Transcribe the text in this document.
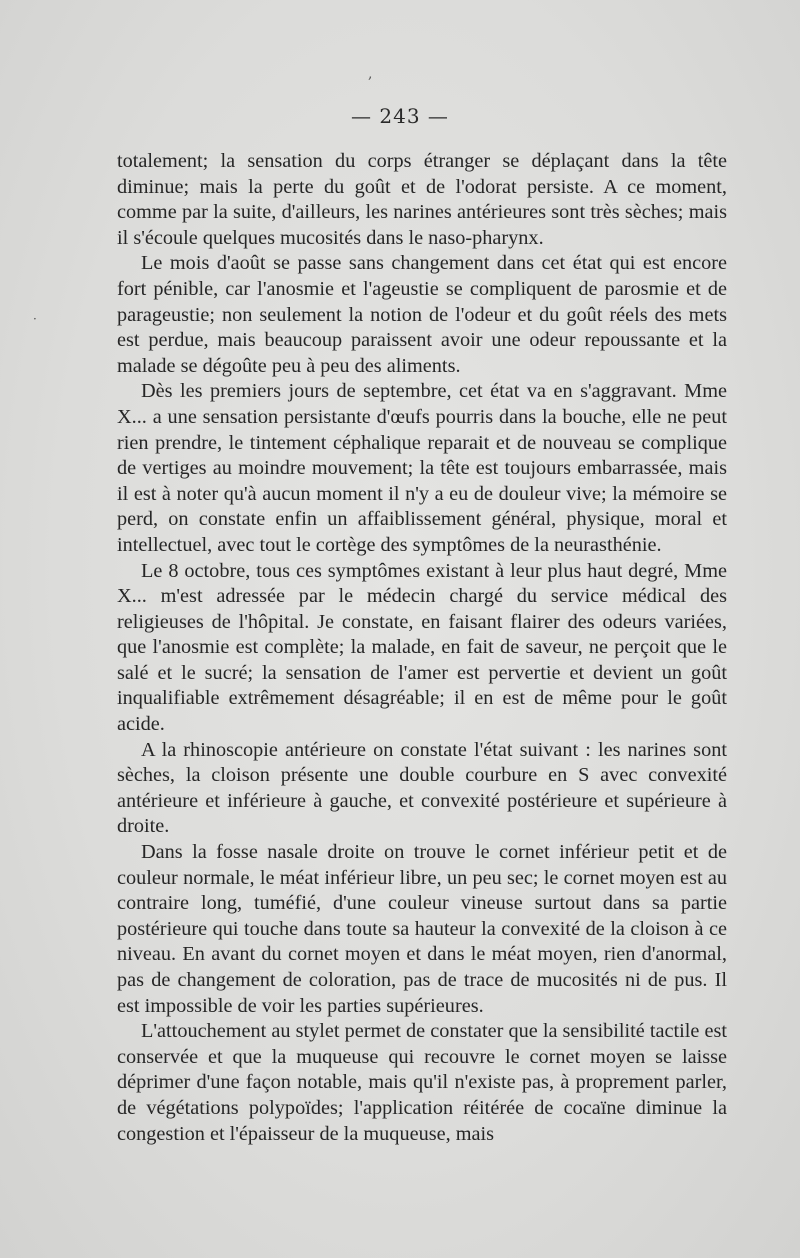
,
·
— 243 —

totalement; la sensation du corps étranger se déplaçant dans la tête diminue; mais la perte du goût et de l'odorat persiste. A ce moment, comme par la suite, d'ailleurs, les narines antérieures sont très sèches; mais il s'écoule quelques mucosités dans le naso-pharynx.

Le mois d'août se passe sans changement dans cet état qui est encore fort pénible, car l'anosmie et l'ageustie se compliquent de parosmie et de parageustie; non seulement la notion de l'odeur et du goût réels des mets est perdue, mais beaucoup paraissent avoir une odeur repoussante et la malade se dégoûte peu à peu des aliments.

Dès les premiers jours de septembre, cet état va en s'aggravant. Mme X... a une sensation persistante d'œufs pourris dans la bouche, elle ne peut rien prendre, le tintement céphalique reparait et de nouveau se complique de vertiges au moindre mouvement; la tête est toujours embarrassée, mais il est à noter qu'à aucun moment il n'y a eu de douleur vive; la mémoire se perd, on constate enfin un affaiblissement général, physique, moral et intellectuel, avec tout le cortège des symptômes de la neurasthénie.

Le 8 octobre, tous ces symptômes existant à leur plus haut degré, Mme X... m'est adressée par le médecin chargé du service médical des religieuses de l'hôpital. Je constate, en faisant flairer des odeurs variées, que l'anosmie est complète; la malade, en fait de saveur, ne perçoit que le salé et le sucré; la sensation de l'amer est pervertie et devient un goût inqualifiable extrêmement désagréable; il en est de même pour le goût acide.

A la rhinoscopie antérieure on constate l'état suivant : les narines sont sèches, la cloison présente une double courbure en S avec convexité antérieure et inférieure à gauche, et convexité postérieure et supérieure à droite.

Dans la fosse nasale droite on trouve le cornet inférieur petit et de couleur normale, le méat inférieur libre, un peu sec; le cornet moyen est au contraire long, tuméfié, d'une couleur vineuse surtout dans sa partie postérieure qui touche dans toute sa hauteur la convexité de la cloison à ce niveau. En avant du cornet moyen et dans le méat moyen, rien d'anormal, pas de changement de coloration, pas de trace de mucosités ni de pus. Il est impossible de voir les parties supérieures.

L'attouchement au stylet permet de constater que la sensibilité tactile est conservée et que la muqueuse qui recouvre le cornet moyen se laisse déprimer d'une façon notable, mais qu'il n'existe pas, à proprement parler, de végétations polypoïdes; l'application réitérée de cocaïne diminue la congestion et l'épaisseur de la muqueuse, mais
